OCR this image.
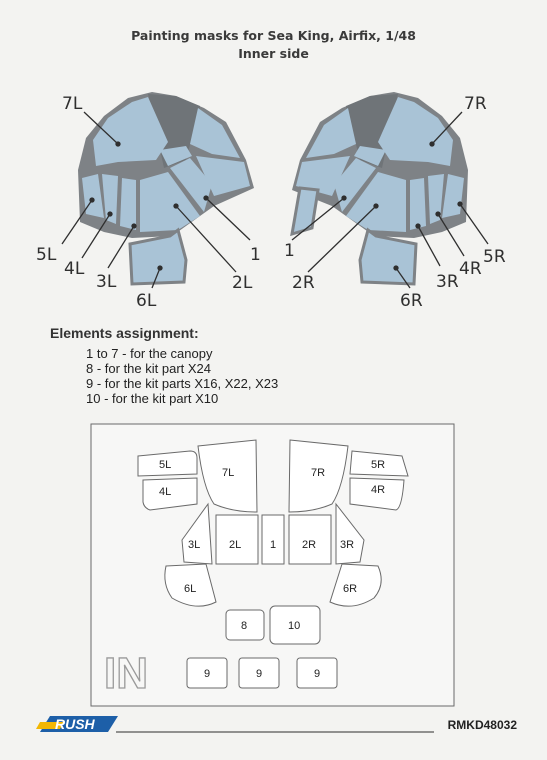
Painting masks for Sea King, Airfix, 1/48
Inner side
7L
5L
4L
3L
6L
2L
1
7R
1
2R
6R
3R
4R
5R
5L
4L
7L	7R
5R
4R
3L	2L	1 2R 3R
6L	6R
8	10
9	9	9
IN
RUSH
Elements assignment:
1 to 7 - for the canopy
8 - for the kit part X24
9 - for the kit parts X16, X22, X23
10 - for the kit part X10
RMKD48032
